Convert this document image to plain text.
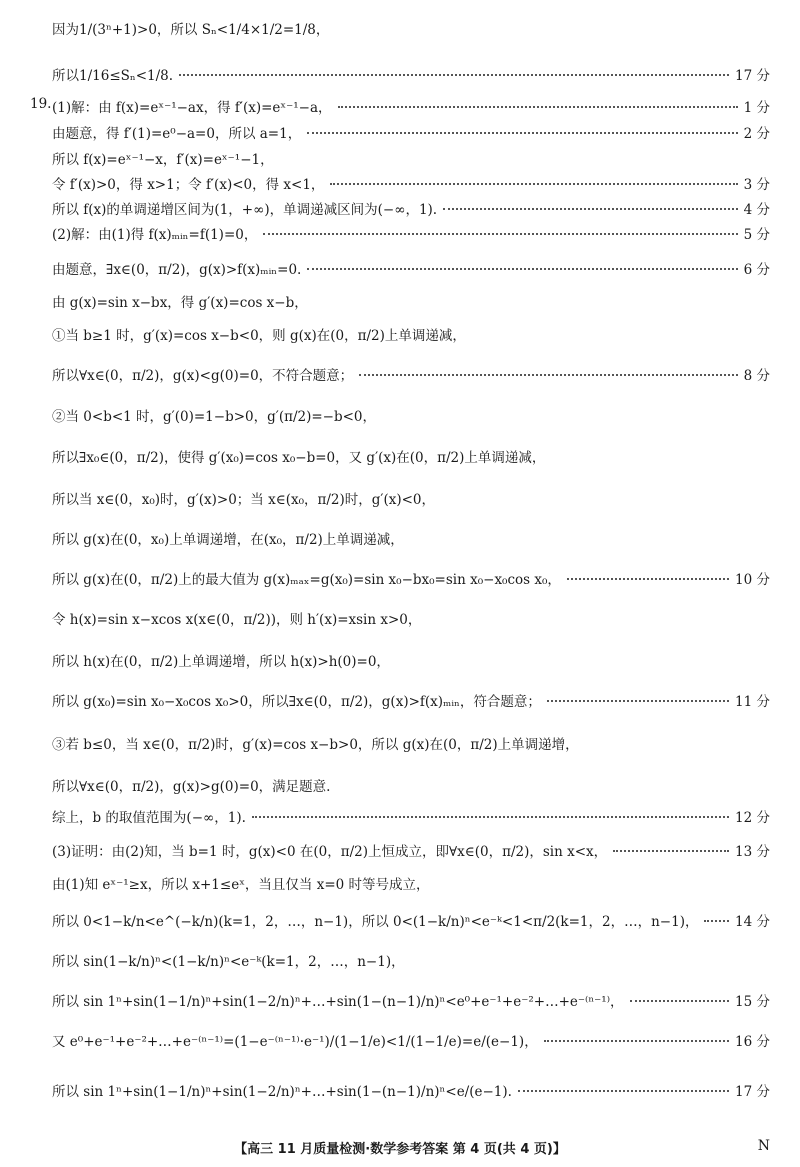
因为1/(3ⁿ+1)>0，所以 Sₙ<1/4×1/2=1/8，
所以1/16≤Sₙ<1/8.	17 分
19. (1)解：由 f(x)=eˣ⁻¹−ax，得 f′(x)=eˣ⁻¹−a，	1 分
由题意，得 f′(1)=e⁰−a=0，所以 a=1，	2 分
所以 f(x)=eˣ⁻¹−x，f′(x)=eˣ⁻¹−1，
令 f′(x)>0，得 x>1；令 f′(x)<0，得 x<1，	3 分
所以 f(x)的单调递增区间为(1，+∞)，单调递减区间为(−∞，1).	4 分
(2)解：由(1)得 f(x)ₘᵢₙ=f(1)=0，	5 分
由题意，∃x∈(0，π/2)，g(x)>f(x)ₘᵢₙ=0.	6 分
由 g(x)=sin x−bx，得 g′(x)=cos x−b，
①当 b≥1 时，g′(x)=cos x−b<0，则 g(x)在(0，π/2)上单调递减，
所以∀x∈(0，π/2)，g(x)<g(0)=0，不符合题意；	8 分
②当 0<b<1 时，g′(0)=1−b>0，g′(π/2)=−b<0，
所以∃x₀∈(0，π/2)，使得 g′(x₀)=cos x₀−b=0，又 g′(x)在(0，π/2)上单调递减，
所以当 x∈(0，x₀)时，g′(x)>0；当 x∈(x₀，π/2)时，g′(x)<0，
所以 g(x)在(0，x₀)上单调递增，在(x₀，π/2)上单调递减，
所以 g(x)在(0，π/2)上的最大值为 g(x)ₘₐₓ=g(x₀)=sin x₀−bx₀=sin x₀−x₀cos x₀，	10 分
令 h(x)=sin x−xcos x(x∈(0，π/2))，则 h′(x)=xsin x>0，
所以 h(x)在(0，π/2)上单调递增，所以 h(x)>h(0)=0，
所以 g(x₀)=sin x₀−x₀cos x₀>0，所以∃x∈(0，π/2)，g(x)>f(x)ₘᵢₙ，符合题意；	11 分
③若 b≤0，当 x∈(0，π/2)时，g′(x)=cos x−b>0，所以 g(x)在(0，π/2)上单调递增，
所以∀x∈(0，π/2)，g(x)>g(0)=0，满足题意.
综上，b 的取值范围为(−∞，1).	12 分
(3)证明：由(2)知，当 b=1 时，g(x)<0 在(0，π/2)上恒成立，即∀x∈(0，π/2)，sin x<x，	13 分
由(1)知 eˣ⁻¹≥x，所以 x+1≤eˣ，当且仅当 x=0 时等号成立，
所以 0<1−k/n<e^(−k/n)(k=1，2，…，n−1)，所以 0<(1−k/n)ⁿ<e⁻ᵏ<1<π/2(k=1，2，…，n−1)，	14 分
所以 sin(1−k/n)ⁿ<(1−k/n)ⁿ<e⁻ᵏ(k=1，2，…，n−1)，
所以 sin 1ⁿ+sin(1−1/n)ⁿ+sin(1−2/n)ⁿ+…+sin(1−(n−1)/n)ⁿ<e⁰+e⁻¹+e⁻²+…+e⁻⁽ⁿ⁻¹⁾，	15 分
又 e⁰+e⁻¹+e⁻²+…+e⁻⁽ⁿ⁻¹⁾=(1−e⁻⁽ⁿ⁻¹⁾·e⁻¹)/(1−1/e)<1/(1−1/e)=e/(e−1)，	16 分
所以 sin 1ⁿ+sin(1−1/n)ⁿ+sin(1−2/n)ⁿ+…+sin(1−(n−1)/n)ⁿ<e/(e−1).	17 分
【高三 11 月质量检测·数学参考答案 第 4 页(共 4 页)】	N
